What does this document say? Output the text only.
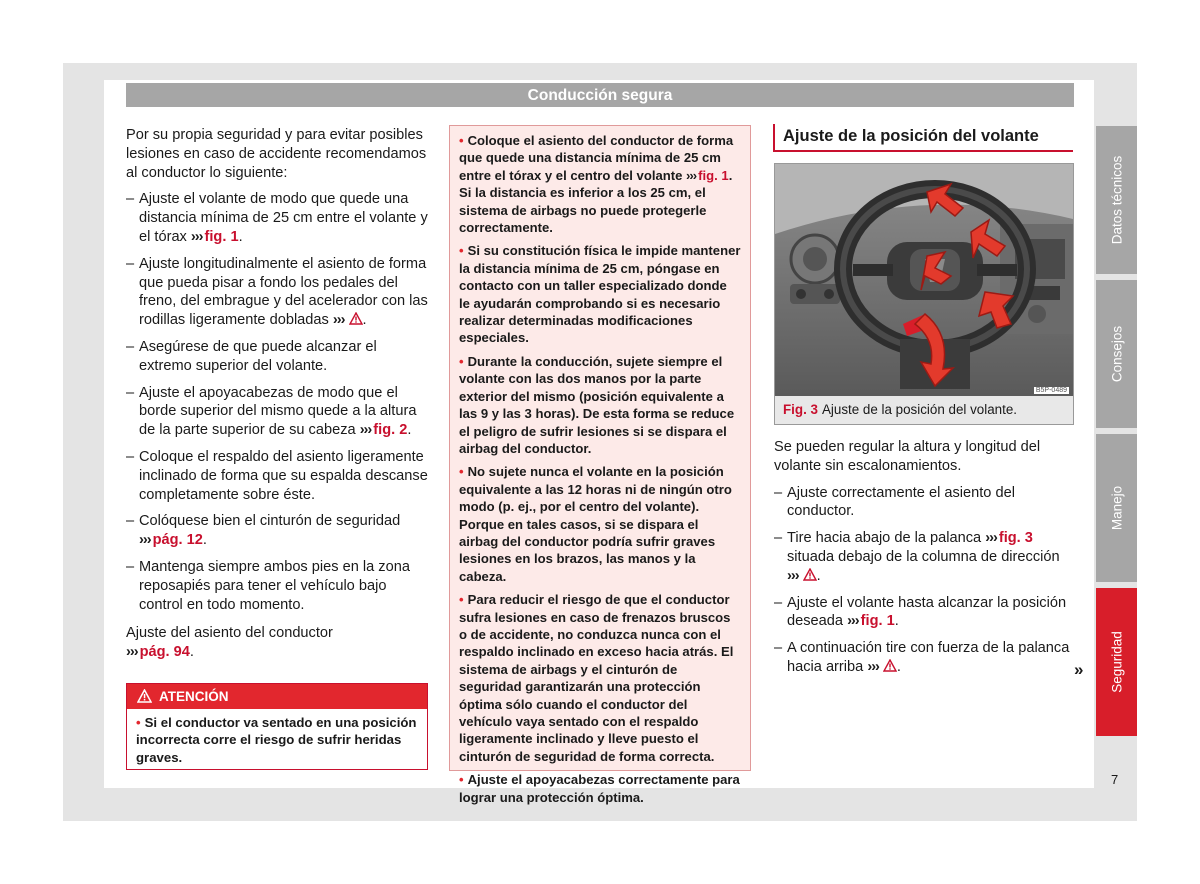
Conducción segura

Por su propia seguridad y para evitar posibles lesiones en caso de accidente recomendamos al conductor lo siguiente:

– Ajuste el volante de modo que quede una distancia mínima de 25 cm entre el volante y el tórax ››› fig. 1.
– Ajuste longitudinalmente el asiento de forma que pueda pisar a fondo los pedales del freno, del embrague y del acelerador con las rodillas ligeramente dobladas ››› .
– Asegúrese de que puede alcanzar el extremo superior del volante.
– Ajuste el apoyacabezas de modo que el borde superior del mismo quede a la altura de la parte superior de su cabeza ››› fig. 2.
– Coloque el respaldo del asiento ligeramente inclinado de forma que su espalda descanse completamente sobre éste.
– Colóquese bien el cinturón de seguridad
››› pág. 12.
– Mantenga siempre ambos pies en la zona reposapiés para tener el vehículo bajo control en todo momento.

Ajuste del asiento del conductor
››› pág. 94.

ATENCIÓN
• Si el conductor va sentado en una posición incorrecta corre el riesgo de sufrir heridas graves.

• Coloque el asiento del conductor de forma que quede una distancia mínima de 25 cm entre el tórax y el centro del volante ››› fig. 1. Si la distancia es inferior a los 25 cm, el sistema de airbags no puede protegerle correctamente.

• Si su constitución física le impide mantener la distancia mínima de 25 cm, póngase en contacto con un taller especializado donde le ayudarán comprobando si es necesario realizar determinadas modificaciones especiales.

• Durante la conducción, sujete siempre el volante con las dos manos por la parte exterior del mismo (posición equivalente a las 9 y las 3 horas). De esta forma se reduce el peligro de sufrir lesiones si se dispara el airbag del conductor.

• No sujete nunca el volante en la posición equivalente a las 12 horas ni de ningún otro modo (p. ej., por el centro del volante). Porque en tales casos, si se dispara el airbag del conductor podría sufrir graves lesiones en los brazos, las manos y la cabeza.

• Para reducir el riesgo de que el conductor sufra lesiones en caso de frenazos bruscos o de accidente, no conduzca nunca con el respaldo inclinado en exceso hacia atrás. El sistema de airbags y el cinturón de seguridad garantizarán una protección óptima sólo cuando el conductor del vehículo vaya sentado con el respaldo ligeramente inclinado y lleve puesto el cinturón de seguridad de forma correcta.

• Ajuste el apoyacabezas correctamente para lograr una protección óptima.

Ajuste de la posición del volante
B5P-0489
Fig. 3 Ajuste de la posición del volante.

Se pueden regular la altura y longitud del volante sin escalonamientos.

– Ajuste correctamente el asiento del conductor.
– Tire hacia abajo de la palanca ››› fig. 3 situada debajo de la columna de dirección
››› .
– Ajuste el volante hasta alcanzar la posición deseada ››› fig. 1.
– A continuación tire con fuerza de la palanca hacia arriba ››› .	»
Datos técnicos
Consejos
Manejo
Seguridad
7
